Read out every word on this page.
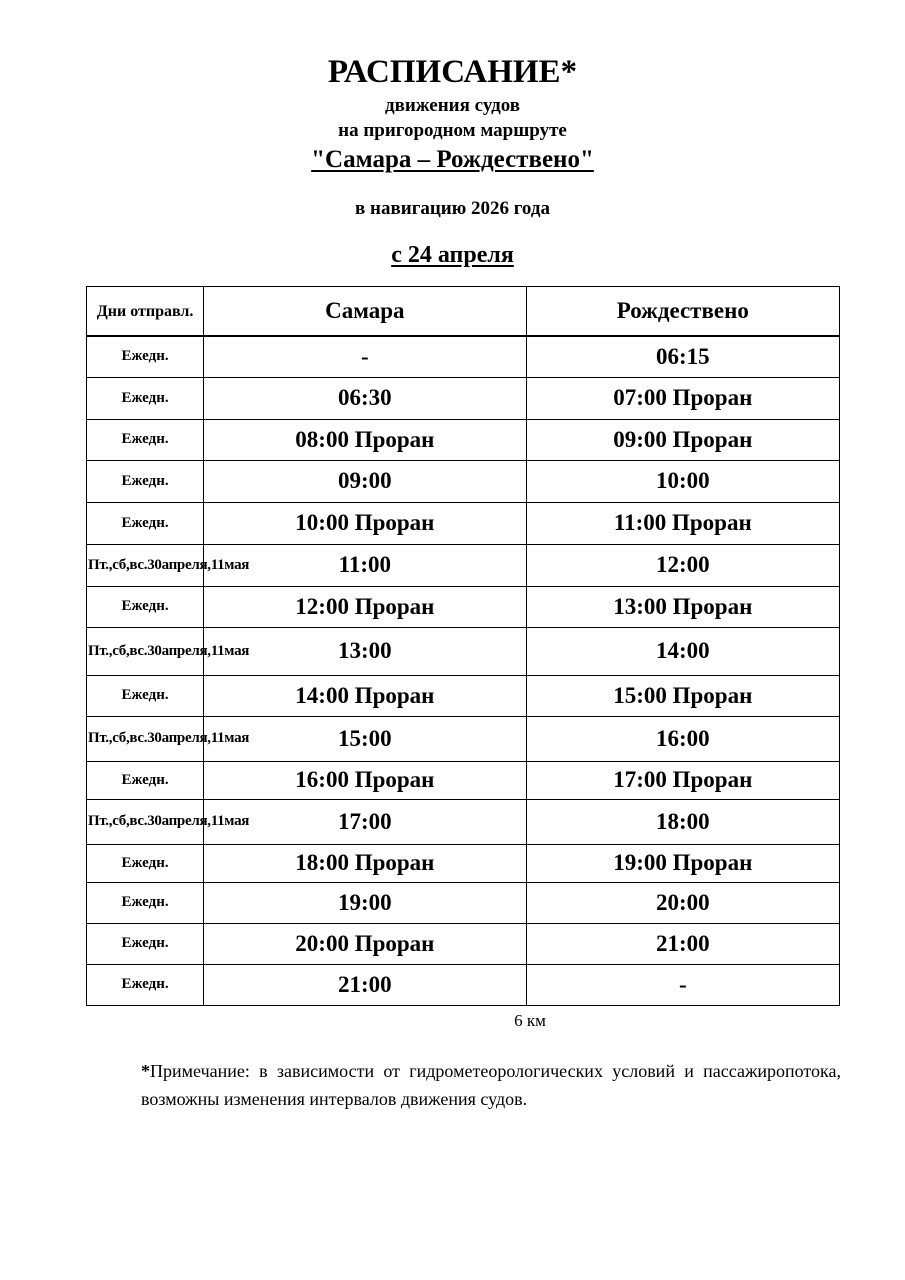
РАСПИСАНИЕ*
движения судов
на пригородном маршруте
"Самара – Рождествено"
в навигацию 2026 года
с 24 апреля
Дни отправл.	Самара	Рождествено
Ежедн.	-	06:15
Ежедн.	06:30	07:00 Проран
Ежедн.	08:00 Проран	09:00 Проран
Ежедн.	09:00	10:00
Ежедн.	10:00 Проран	11:00 Проран
Пт.,сб,вс.30апреля,11мая	11:00	12:00
Ежедн.	12:00 Проран	13:00 Проран
Пт.,сб,вс.30апреля,11мая	13:00	14:00
Ежедн.	14:00 Проран	15:00 Проран
Пт.,сб,вс.30апреля,11мая	15:00	16:00
Ежедн.	16:00 Проран	17:00 Проран
Пт.,сб,вс.30апреля,11мая	17:00	18:00
Ежедн.	18:00 Проран	19:00 Проран
Ежедн.	19:00	20:00
Ежедн.	20:00 Проран	21:00
Ежедн.	21:00	-
6 км
*Примечание: в зависимости от гидрометеорологических условий и пассажиропотока, возможны изменения интервалов движения судов.
